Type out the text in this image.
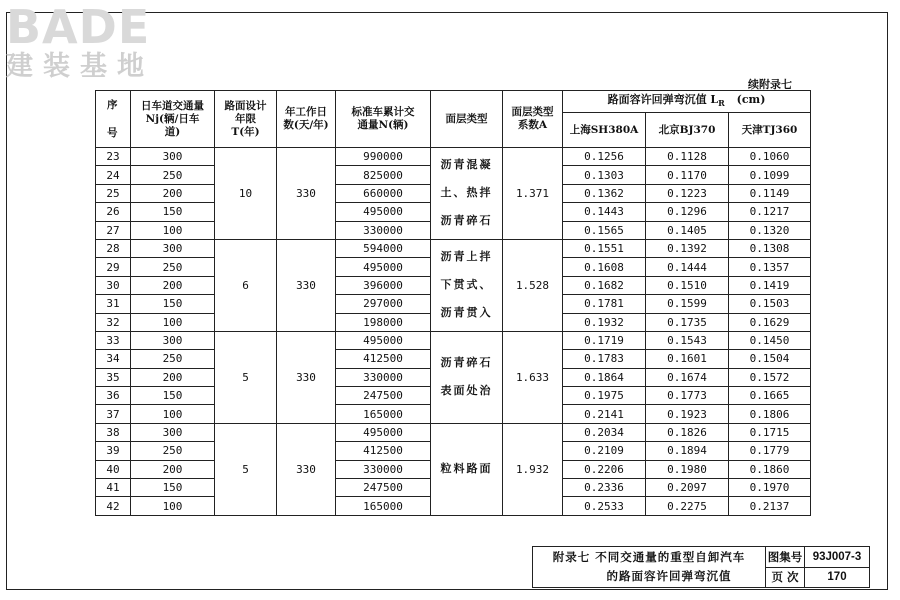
BADE
建装基地
续附录七
序号	日车道交通量Nj(辆/日车道)	路面设计年限T(年)	年工作日数(天/年)	标准车累计交通量N(辆)	面层类型	面层类型系数A	路面容许回弹弯沉值 $L_R$ (cm)		
							上海SH380A	北京BJ370	天津TJ360
23	300	10	330	990000	沥青混凝土、热拌沥青碎石	1.371	0.1256	0.1128	0.1060
24	250			825000			0.1303	0.1170	0.1099
25	200			660000			0.1362	0.1223	0.1149
26	150			495000			0.1443	0.1296	0.1217
27	100			330000			0.1565	0.1405	0.1320
28	300	6	330	594000	沥青上拌下贯式、沥青贯入	1.528	0.1551	0.1392	0.1308
29	250			495000			0.1608	0.1444	0.1357
30	200			396000			0.1682	0.1510	0.1419
31	150			297000			0.1781	0.1599	0.1503
32	100			198000			0.1932	0.1735	0.1629
33	300	5	330	495000	沥青碎石表面处治	1.633	0.1719	0.1543	0.1450
34	250			412500			0.1783	0.1601	0.1504
35	200			330000			0.1864	0.1674	0.1572
36	150			247500			0.1975	0.1773	0.1665
37	100			165000			0.2141	0.1923	0.1806
38	300	5	330	495000	粒料路面	1.932	0.2034	0.1826	0.1715
39	250			412500			0.2109	0.1894	0.1779
40	200			330000			0.2206	0.1980	0.1860
41	150			247500			0.2336	0.2097	0.1970
42	100			165000			0.2533	0.2275	0.2137
附录七 不同交通量的重型自卸汽车
的路面容许回弹弯沉值	图集号	93J007-3
	页 次	170
